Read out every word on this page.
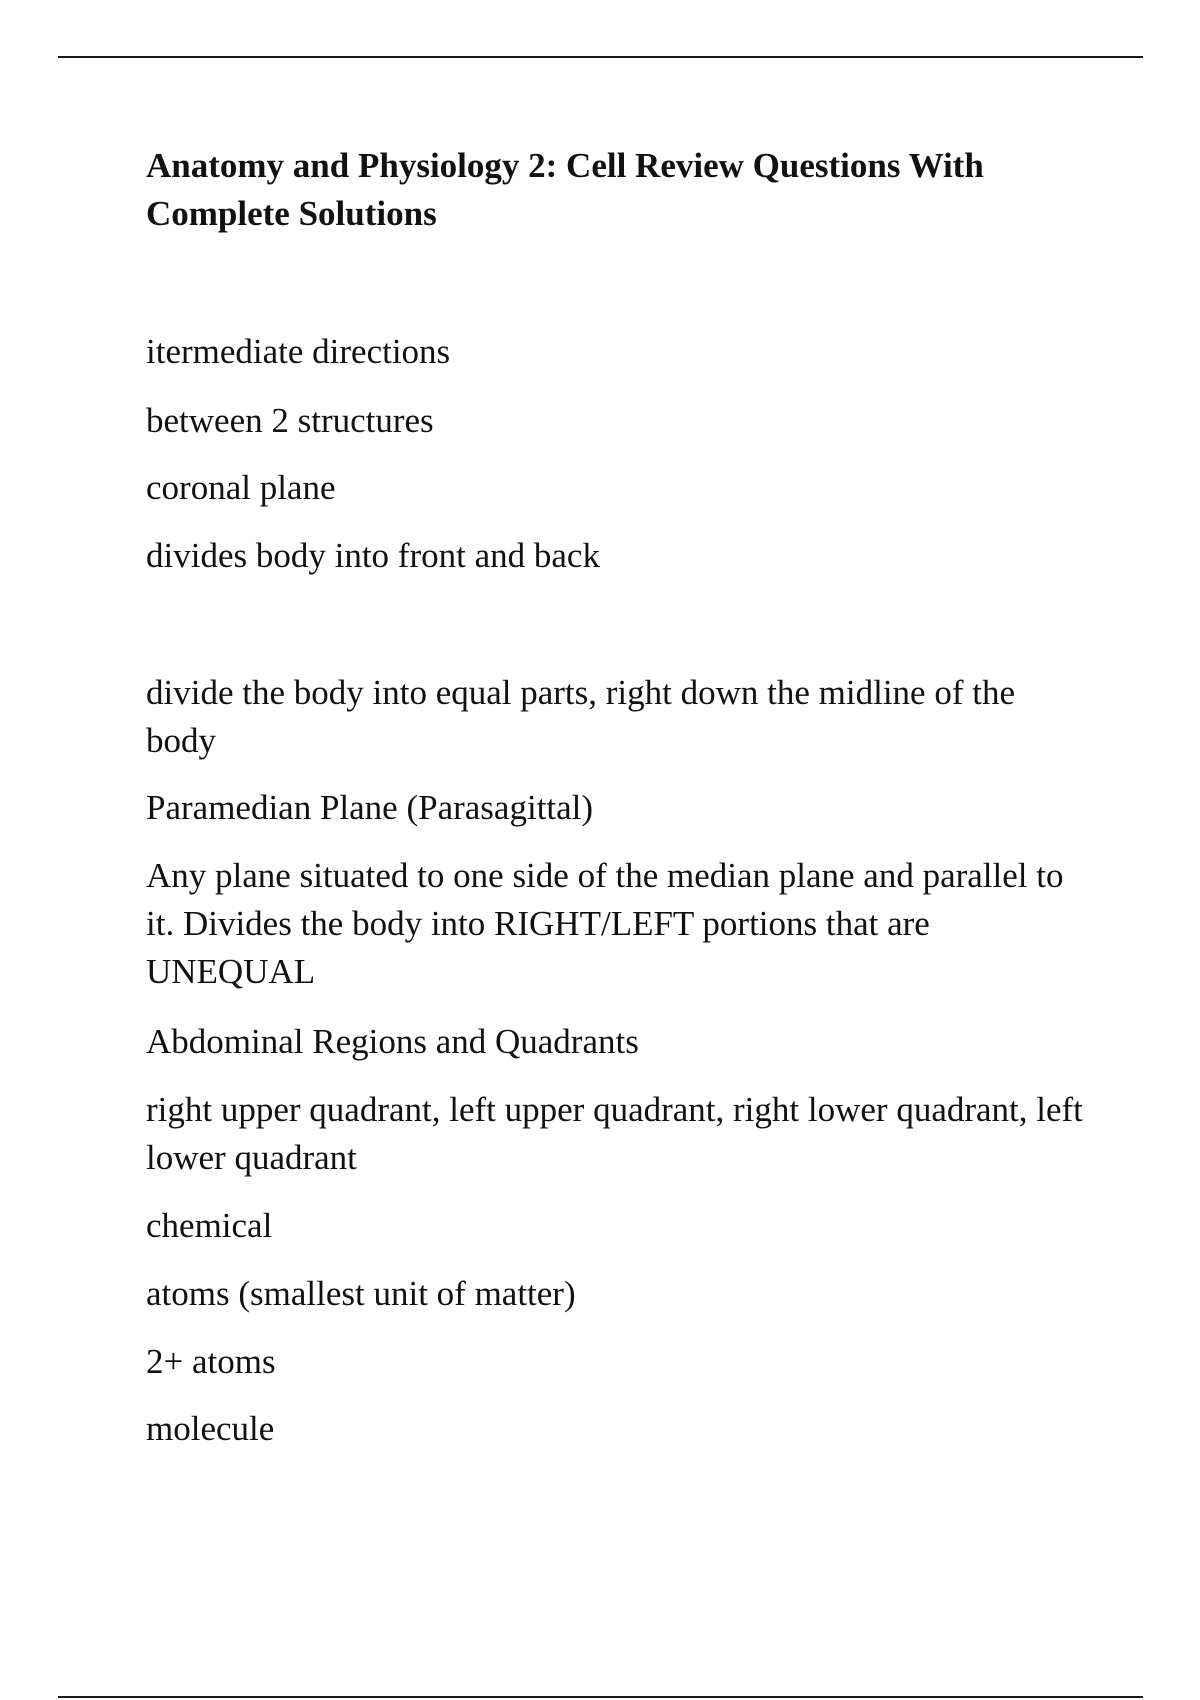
Anatomy and Physiology 2: Cell Review Questions With Complete Solutions

itermediate directions

between 2 structures

coronal plane

divides body into front and back

divide the body into equal parts, right down the midline of the body

Paramedian Plane (Parasagittal)

Any plane situated to one side of the median plane and parallel to it. Divides the body into RIGHT/LEFT portions that are UNEQUAL

Abdominal Regions and Quadrants

right upper quadrant, left upper quadrant, right lower quadrant, left lower quadrant

chemical

atoms (smallest unit of matter)

2+ atoms

molecule
